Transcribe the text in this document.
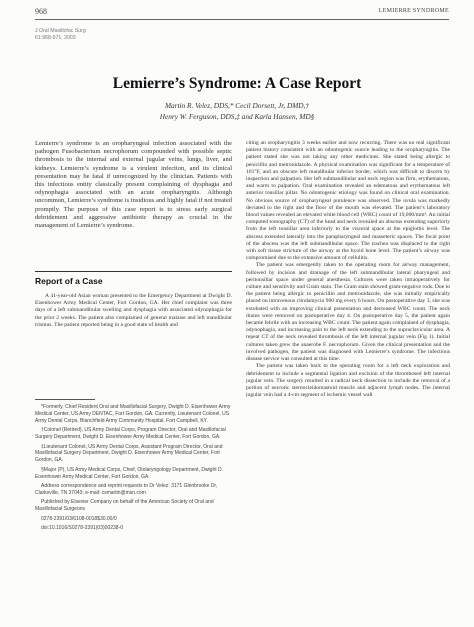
968	LEMIERRE SYNDROME
J Oral Maxillofac Surg
61:968-971, 2003
Lemierre’s Syndrome: A Case Report
Martin R. Velez, DDS,* Cecil Dorsett, Jr, DMD,†
Henry W. Ferguson, DDS,‡ and Karla Hansen, MD§
Lemierre’s syndrome is an oropharyngeal infection associated with the pathogen Fusobacterium necrophorum compounded with possible septic thrombosis to the internal and external jugular veins, lungs, liver, and kidneys. Lemierre’s syndrome is a virulent infection, and its clinical presentation may be fatal if unrecognized by the clinician. Patients with this infectious entity classically present complaining of dysphagia and odynophagia associated with an acute oropharyngitis. Although uncommon, Lemierre’s syndrome is insidious and highly fatal if not treated promptly. The purpose of this case report is to stress early surgical debridement and aggressive antibiotic therapy as crucial in the management of Lemierre’s syndrome.
Report of a Case
A 41-year-old Asian woman presented to the Emergency Department at Dwight D. Eisenhower Army Medical Center, Fort Gordon, GA. Her chief complaint was three days of a left submandibular swelling and dysphagia with associated odynophagia for the prior 2 weeks. The patient also complained of general malaise and left mandibular trismus. The patient reported being in a good state of health and

*Formerly, Chief Resident Oral and Maxillofacial Surgery, Dwight D. Eisenhower Army Medical Center, US Army DENTAC, Fort Gordon, GA. Currently, Lieutenant Colonel, US Army Dental Corps, Blanchfield Army Community Hospital, Fort Campbell, KY.

†Colonel (Retired), US Army Dental Corps, Program Director, Oral and Maxillofacial Surgery Department, Dwight D. Eisenhower Army Medical Center, Fort Gordon, GA.

‡Lieutenant Colonel, US Army Dental Corps, Assistant Program Director, Oral and Maxillofacial Surgery Department, Dwight D. Eisenhower Army Medical Center, Fort Gordon, GA.

§Major (P), US Army Medical Corps, Chief, Otolaryngology Department, Dwight D. Eisenhower Army Medical Center, Fort Gordon, GA.

Address correspondence and reprint requests to Dr Velez: 3171 Glenbrooke Dr, Clarksville, TN 37043; e-mail: csmartin@msn.com

Published by Elsevier Company on behalf of the American Society of Oral and Maxillofacial Surgeons

0278-2391/03/6108-0018$30.00/0

doi:10.1016/S0278-2391(03)00238-0

citing an oropharyngitis 3 weeks earlier and now recurring. There was no real significant patient history consistent with an odontogenic source leading to the oropharyngitis. The patient stated she was not taking any other medicines. She stated being allergic to penicillin and metronidazole. A physical examination was significant for a temperature of 101°F, and an obscure left mandibular inferior border, which was difficult to discern by inspection and palpation. Her left submandibular and neck region was firm, erythematous, and warm to palpation. Oral examination revealed an edematous and erythematous left anterior tonsillar pillar. No odontogenic etiology was found on clinical oral examination. No obvious source of oropharyngeal purulence was observed. The uvula was markedly deviated to the right and the floor of the mouth was elevated. The patient’s laboratory blood values revealed an elevated white blood cell (WBC) count of 19,000/mm³. An initial computed tomography (CT) of the head and neck revealed an abscess extending superiorly from the left tonsillar area inferiorly to the visceral space at the epiglottis level. The abscess extended laterally into the parapharyngeal and masseteric spaces. The focal point of the abscess was the left submandibular space. The trachea was displaced to the right with soft tissue stricture of the airway at the hyoid bone level. The patient’s airway was compromised due to the extensive amount of cellulitis.

The patient was emergently taken to the operating room for airway management, followed by incision and drainage of the left submandibular lateral pharyngeal and peritonsillar space under general anesthesia. Cultures were taken intraoperatively for culture and sensitivity and Gram stain. The Gram stain showed gram-negative rods. Due to the patient being allergic to penicillin and metronidazole, she was initially empirically placed on intravenous clindamycin 900 mg every 6 hours. On postoperative day 3, she was extubated with an improving clinical presentation and decreased WBC count. The neck drains were removed on postoperative day 4. On postoperative day 5, the patient again became febrile with an increasing WBC count. The patient again complained of dysphagia, odynophagia, and increasing pain to the left neck extending to the supraclavicular area. A repeat CT of the neck revealed thrombosis of the left internal jugular vein (Fig 1). Initial cultures taken grew the anaerobe F. necrophorum. Given the clinical presentation and the involved pathogen, the patient was diagnosed with Lemierre’s syndrome. The infectious disease service was consulted at this time.

The patient was taken back to the operating room for a left neck exploration and debridement to include a segmental ligation and excision of the thrombosed left internal jugular vein. The surgery resulted in a radical neck dissection to include the removal of a portion of necrotic sternocleidomastoid muscle and adjacent lymph nodes. The internal jugular vein had a 4-cm segment of ischemic vessel wall
